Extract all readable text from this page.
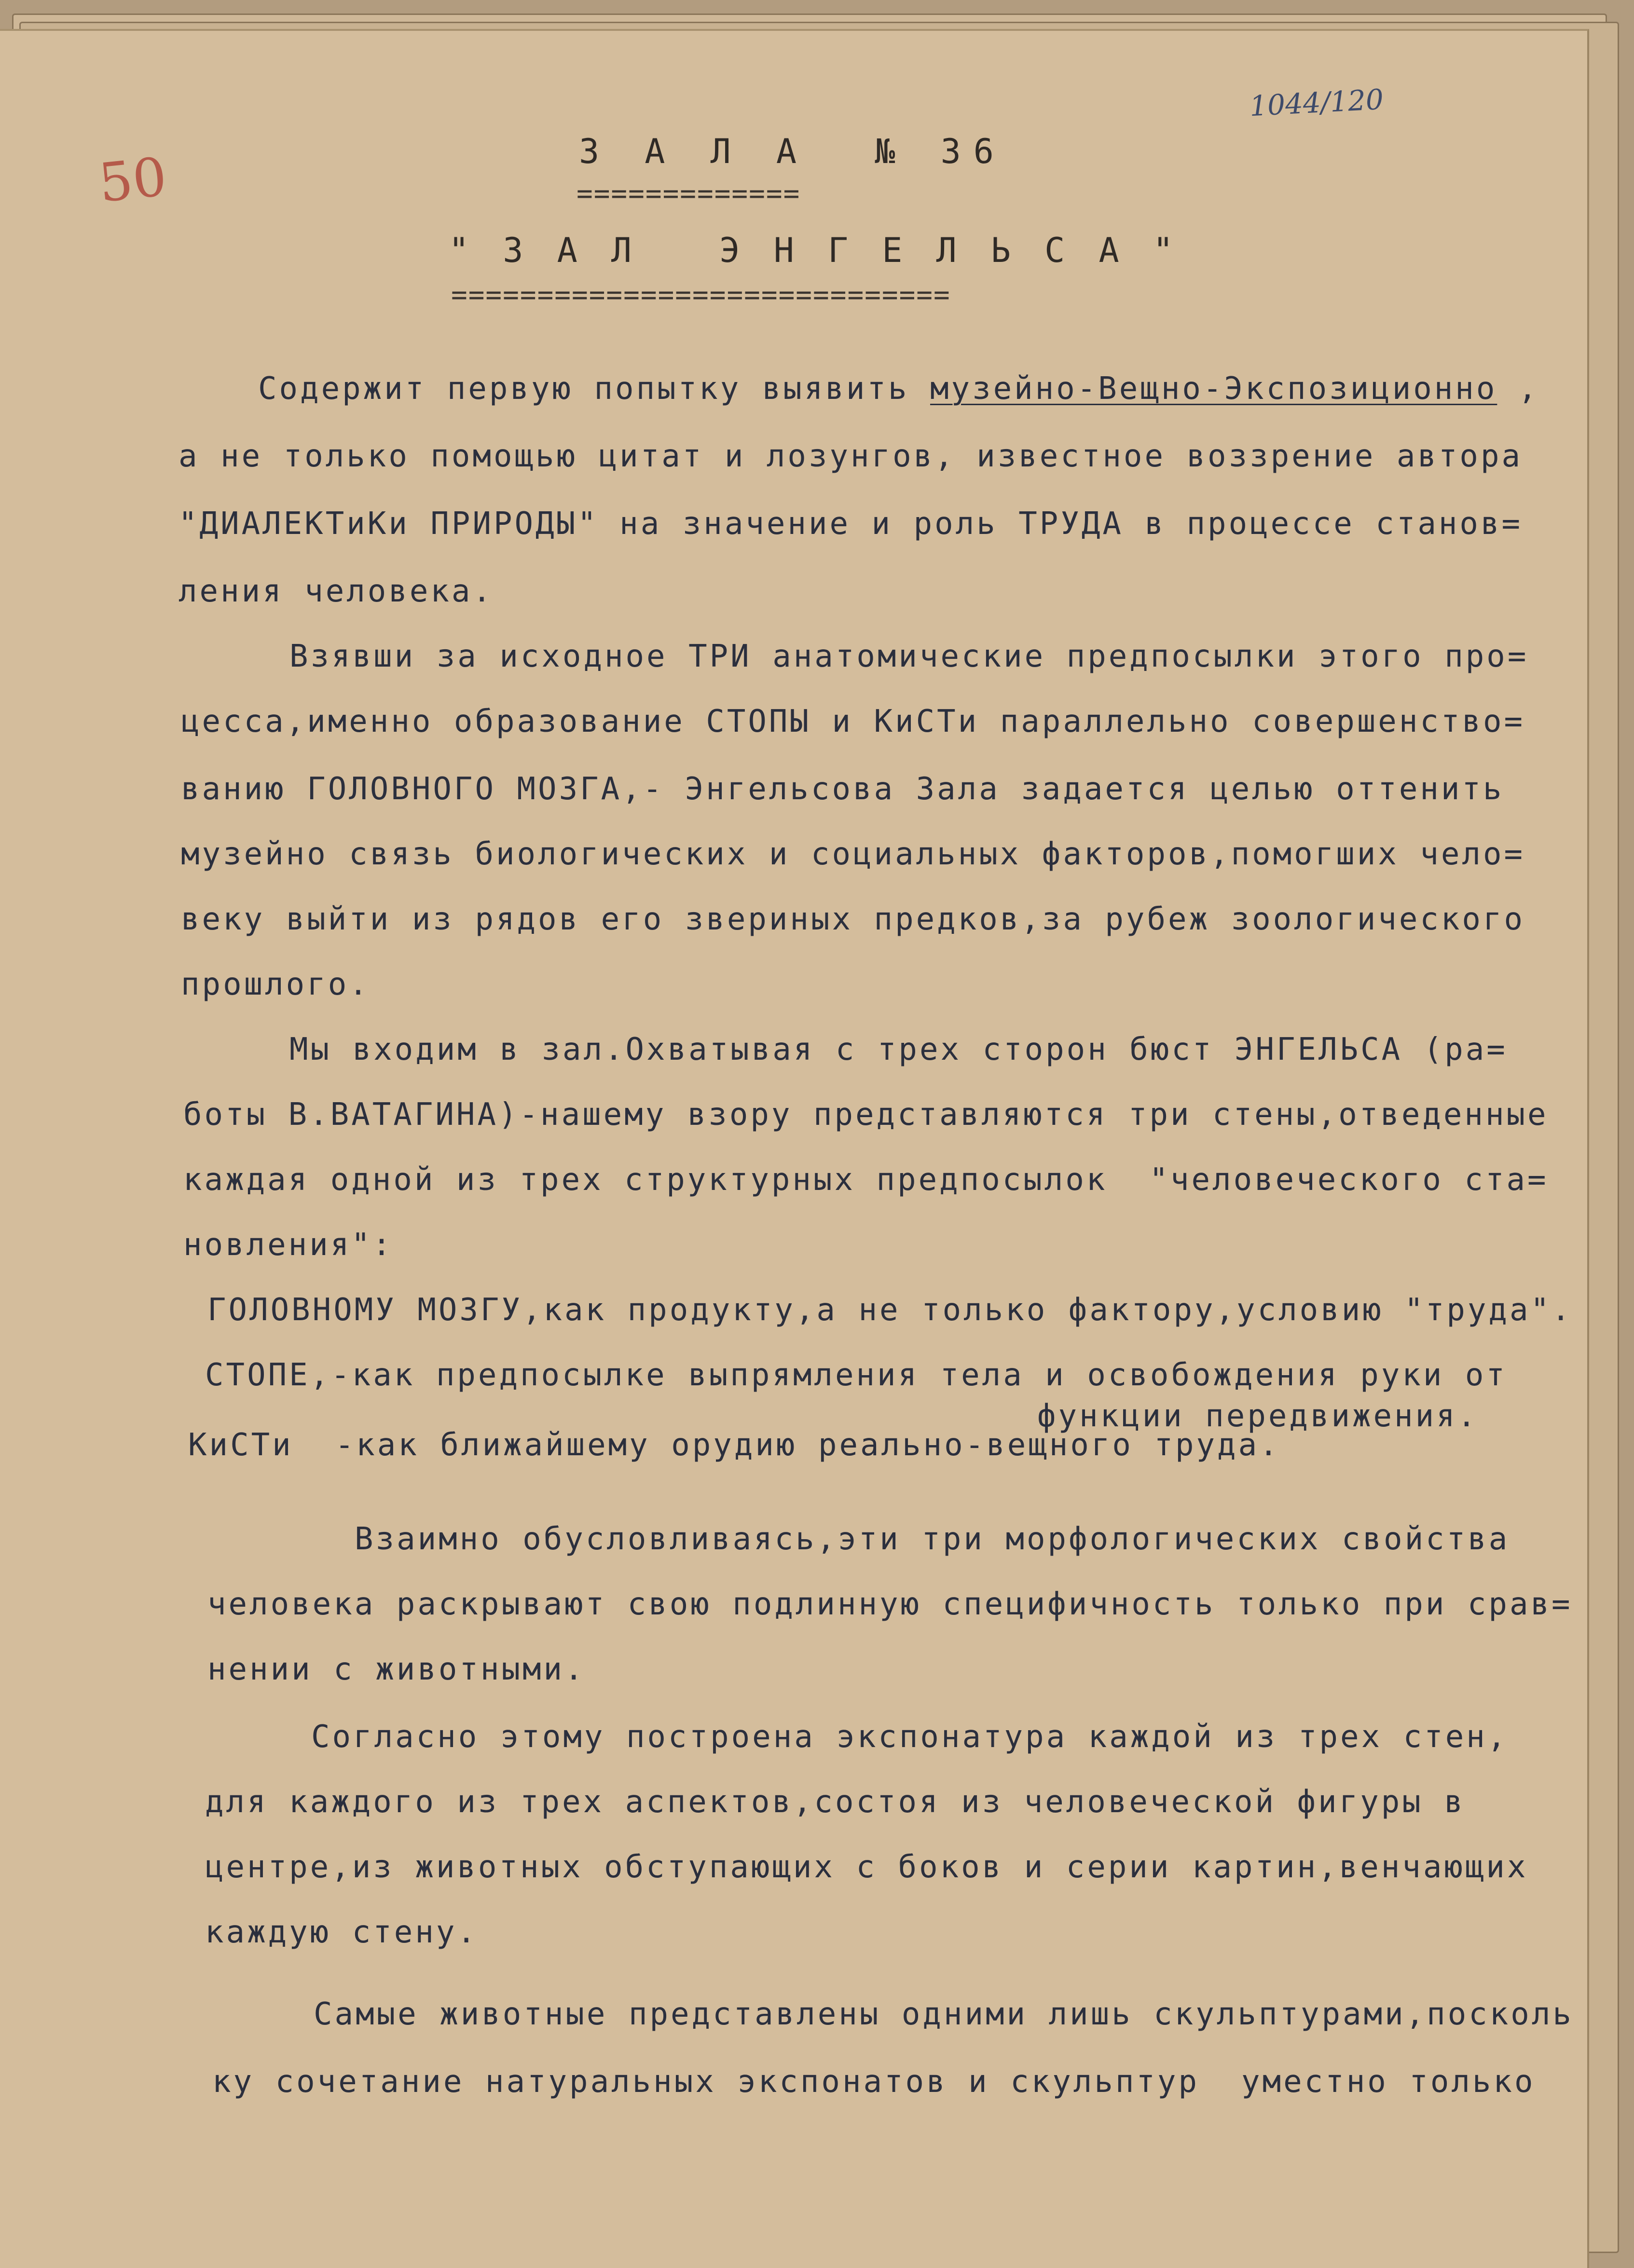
50
1044/120
З А Л А  № 36
=============
" З А Л   Э Н Г Е Л Ь С А "
=============================
Содержит первую попытку выявить музейно-Вещно-Экспозиционно ,
а не только помощью цитат и лозунгов, известное воззрение автора
"ДИАЛЕКТиКи ПРИРОДЫ" на значение и роль ТРУДА в процессе станов=
ления человека.
Взявши за исходное ТРИ анатомические предпосылки этого про=
цесса,именно образование СТОПЫ и КиСТи параллельно совершенство=
ванию ГОЛОВНОГО МОЗГА,- Энгельсова Зала задается целью оттенить
музейно связь биологических и социальных факторов,помогших чело=
веку выйти из рядов его звериных предков,за рубеж зоологического
прошлого.
Мы входим в зал.Охватывая с трех сторон бюст ЭНГЕЛЬСА (ра=
боты В.ВАТАГИНА)-нашему взору представляются три стены,отведенные
каждая одной из трех структурных предпосылок  "человеческого ста=
новления":
ГОЛОВНОМУ МОЗГУ,как продукту,а не только фактору,условию "труда".
СТОПЕ,-как предпосылке выпрямления тела и освобождения руки от
функции передвижения.
КиСТи  -как ближайшему орудию реально-вещного труда.
Взаимно обусловливаясь,эти три морфологических свойства
человека раскрывают свою подлинную специфичность только при срав=
нении с животными.
Согласно этому построена экспонатура каждой из трех стен,
для каждого из трех аспектов,состоя из человеческой фигуры в
центре,из животных обступающих с боков и серии картин,венчающих
каждую стену.
Самые животные представлены одними лишь скульптурами,посколь
ку сочетание натуральных экспонатов и скульптур  уместно только
